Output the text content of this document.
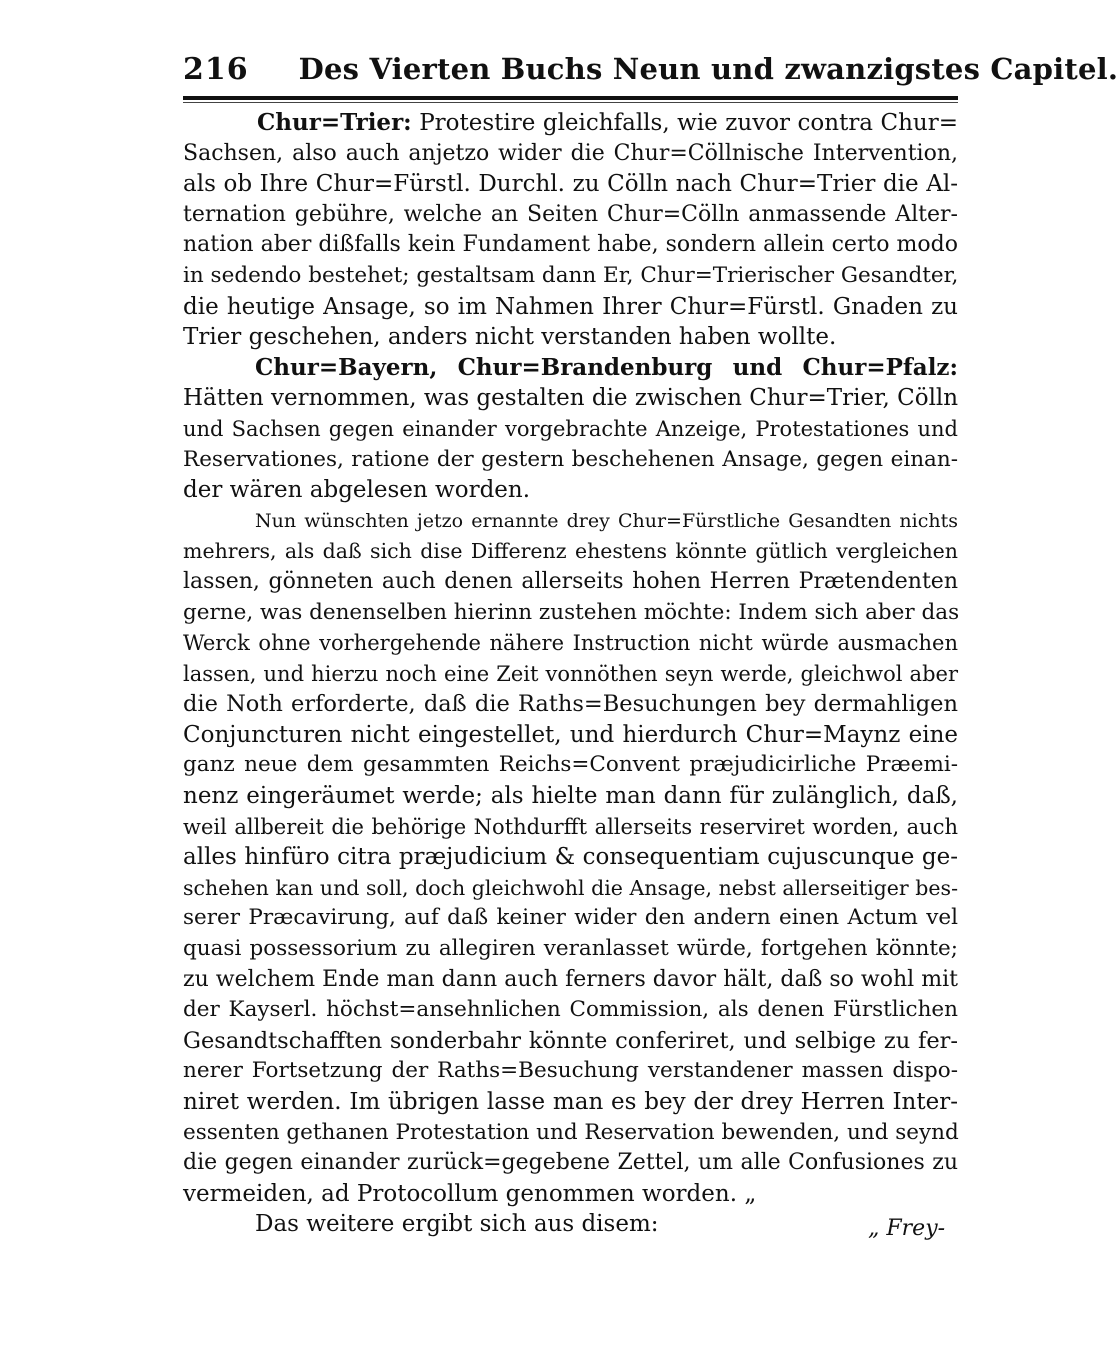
216 Des Vierten Buchs Neun und zwanzigstes Capitel.
Chur=Trier: Protestire gleichfalls, wie zuvor contra Chur=
Sachsen, also auch anjetzo wider die Chur=Cöllnische Intervention,
als ob Ihre Chur=Fürstl. Durchl. zu Cölln nach Chur=Trier die Al-
ternation gebühre, welche an Seiten Chur=Cölln anmassende Alter-
nation aber dißfalls kein Fundament habe, sondern allein certo modo
in sedendo bestehet; gestaltsam dann Er, Chur=Trierischer Gesandter,
die heutige Ansage, so im Nahmen Ihrer Chur=Fürstl. Gnaden zu
Trier geschehen, anders nicht verstanden haben wollte.
Chur=Bayern, Chur=Brandenburg und Chur=Pfalz:
Hätten vernommen, was gestalten die zwischen Chur=Trier, Cölln
und Sachsen gegen einander vorgebrachte Anzeige, Protestationes und
Reservationes, ratione der gestern beschehenen Ansage, gegen einan-
der wären abgelesen worden.
Nun wünschten jetzo ernannte drey Chur=Fürstliche Gesandten nichts
mehrers, als daß sich dise Differenz ehestens könnte gütlich vergleichen
lassen, gönneten auch denen allerseits hohen Herren Prætendenten
gerne, was denenselben hierinn zustehen möchte: Indem sich aber das
Werck ohne vorhergehende nähere Instruction nicht würde ausmachen
lassen, und hierzu noch eine Zeit vonnöthen seyn werde, gleichwol aber
die Noth erforderte, daß die Raths=Besuchungen bey dermahligen
Conjuncturen nicht eingestellet, und hierdurch Chur=Maynz eine
ganz neue dem gesammten Reichs=Convent præjudicirliche Præemi-
nenz eingeräumet werde; als hielte man dann für zulänglich, daß,
weil allbereit die behörige Nothdurfft allerseits reserviret worden, auch
alles hinfüro citra præjudicium & consequentiam cujuscunque ge-
schehen kan und soll, doch gleichwohl die Ansage, nebst allerseitiger bes-
serer Præcavirung, auf daß keiner wider den andern einen Actum vel
quasi possessorium zu allegiren veranlasset würde, fortgehen könnte;
zu welchem Ende man dann auch ferners davor hält, daß so wohl mit
der Kayserl. höchst=ansehnlichen Commission, als denen Fürstlichen
Gesandtschafften sonderbahr könnte conferiret, und selbige zu fer-
nerer Fortsetzung der Raths=Besuchung verstandener massen dispo-
niret werden. Im übrigen lasse man es bey der drey Herren Inter-
essenten gethanen Protestation und Reservation bewenden, und seynd
die gegen einander zurück=gegebene Zettel, um alle Confusiones zu
vermeiden, ad Protocollum genommen worden. „
Das weitere ergibt sich aus disem:	„ Frey-
